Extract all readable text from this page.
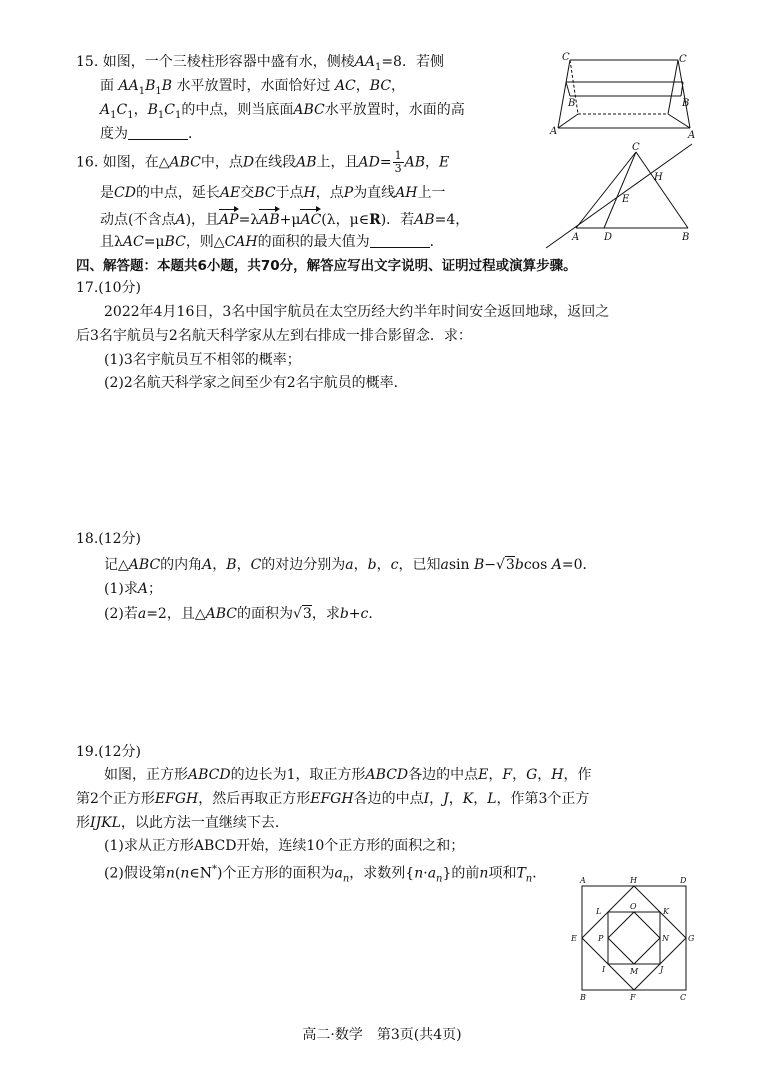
15. 如图，一个三棱柱形容器中盛有水，侧棱$AA_1=8$．若侧
面 $AA_1B_1B$ 水平放置时，水面恰好过 AC，BC，
$A_1C_1$，$B_1C_1$的中点，则当底面ABC水平放置时，水面的高
度为	．
C	C
B	B
A	A
16. 如图，在△ABC中，点D在线段AB上，且$AD= \frac{1}{3}$ AB，E
是CD的中点，延长AE交BC于点H，点P为直线AH上一
动点(不含点A)，且AP=λAB+μAC(λ，μ∈R)．若AB=4，
且λAC=μBC，则△CAH的面积的最大值为	．
C
H
E
A D	B
四、解答题：本题共6小题，共70分，解答应写出文字说明、证明过程或演算步骤。
17.(10分)
2022年4月16日，3名中国宇航员在太空历经大约半年时间安全返回地球，返回之
后3名宇航员与2名航天科学家从左到右排成一排合影留念．求：
(1)3名宇航员互不相邻的概率；
(2)2名航天科学家之间至少有2名宇航员的概率．
18.(12分)
记△ABC的内角A，B，C的对边分别为a，b，c，已知asin B−√3bcos A=0．
(1)求A；
(2)若a=2，且△ABC的面积为√3，求b+c．
19.(12分)
如图，正方形ABCD的边长为1，取正方形ABCD各边的中点E，F，G，H，作
第2个正方形EFGH，然后再取正方形EFGH各边的中点I，J，K，L，作第3个正方
形IJKL，以此方法一直继续下去．
(1)求从正方形ABCD开始，连续10个正方形的面积之和；
(2)假设第n(n∈N*)个正方形的面积为$a_n$，求数列$\{n\cdot a_n\}$的前n项和$T_n$．	A	H	D
L
O
K
E	P	N G
I	M	J
B	F	C
高二·数学　第3页(共4页)
